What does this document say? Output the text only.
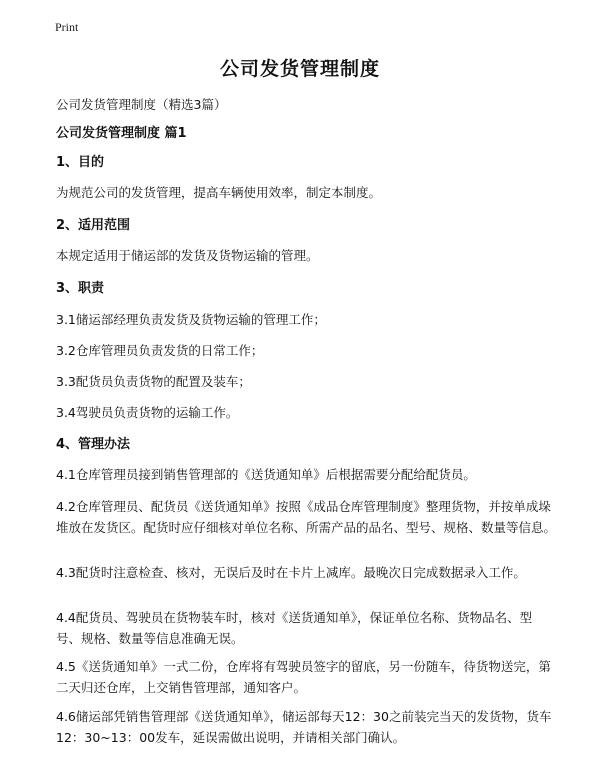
Print
公司发货管理制度

公司发货管理制度（精选3篇）

公司发货管理制度 篇1

1、目的

为规范公司的发货管理，提高车辆使用效率，制定本制度。

2、适用范围

本规定适用于储运部的发货及货物运输的管理。

3、职责

3.1储运部经理负责发货及货物运输的管理工作；

3.2仓库管理员负责发货的日常工作；

3.3配货员负责货物的配置及装车；

3.4驾驶员负责货物的运输工作。

4、管理办法

4.1仓库管理员接到销售管理部的《送货通知单》后根据需要分配给配货员。

4.2仓库管理员、配货员《送货通知单》按照《成品仓库管理制度》整理货物，并按单成垛堆放在发货区。配货时应仔细核对单位名称、所需产品的品名、型号、规格、数量等信息。

4.3配货时注意检查、核对，无误后及时在卡片上减库。最晚次日完成数据录入工作。

4.4配货员、驾驶员在货物装车时，核对《送货通知单》，保证单位名称、货物品名、型号、规格、数量等信息准确无误。

4.5《送货通知单》一式二份，仓库将有驾驶员签字的留底，另一份随车，待货物送完，第二天归还仓库，上交销售管理部，通知客户。

4.6储运部凭销售管理部《送货通知单》，储运部每天12：30之前装完当天的发货物，货车12：30~13：00发车，延误需做出说明，并请相关部门确认。
